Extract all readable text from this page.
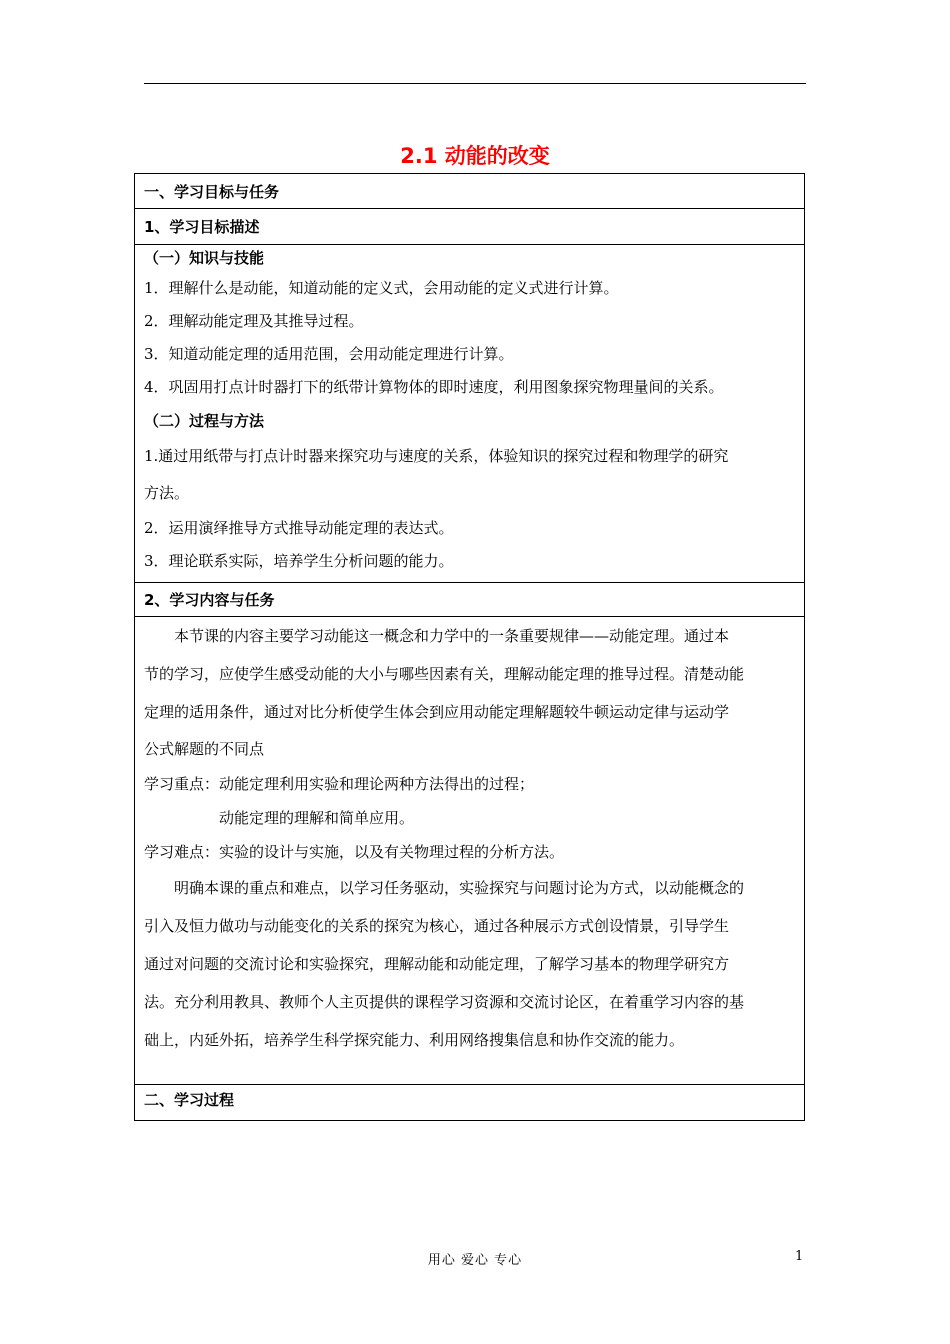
2.1 动能的改变
一、学习目标与任务
1、学习目标描述
（一）知识与技能
1．理解什么是动能，知道动能的定义式，会用动能的定义式进行计算。
2．理解动能定理及其推导过程。
3．知道动能定理的适用范围，会用动能定理进行计算。
4．巩固用打点计时器打下的纸带计算物体的即时速度，利用图象探究物理量间的关系。
（二）过程与方法
1.通过用纸带与打点计时器来探究功与速度的关系，体验知识的探究过程和物理学的研究
方法。
2．运用演绎推导方式推导动能定理的表达式。
3．理论联系实际，培养学生分析问题的能力。
2、学习内容与任务
　　本节课的内容主要学习动能这一概念和力学中的一条重要规律——动能定理。通过本
节的学习，应使学生感受动能的大小与哪些因素有关，理解动能定理的推导过程。清楚动能
定理的适用条件，通过对比分析使学生体会到应用动能定理解题较牛顿运动定律与运动学
公式解题的不同点
学习重点：动能定理利用实验和理论两种方法得出的过程；
　　　　　动能定理的理解和简单应用。
学习难点：实验的设计与实施，以及有关物理过程的分析方法。
　　明确本课的重点和难点，以学习任务驱动，实验探究与问题讨论为方式，以动能概念的
引入及恒力做功与动能变化的关系的探究为核心，通过各种展示方式创设情景，引导学生
通过对问题的交流讨论和实验探究，理解动能和动能定理，了解学习基本的物理学研究方
法。充分利用教具、教师个人主页提供的课程学习资源和交流讨论区，在着重学习内容的基
础上，内延外拓，培养学生科学探究能力、利用网络搜集信息和协作交流的能力。
二、学习过程
用心 爱心 专心	1
